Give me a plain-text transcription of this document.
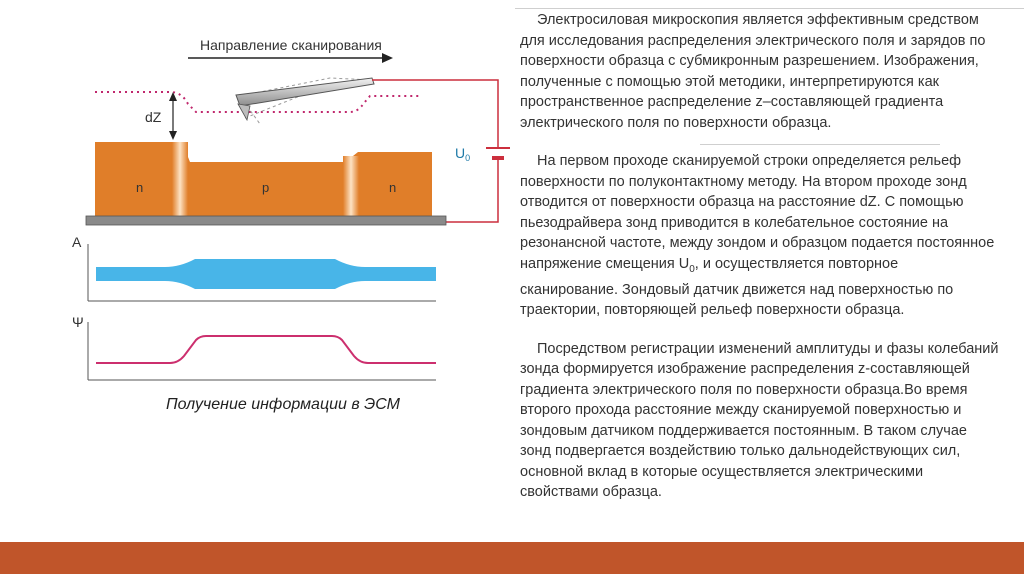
Направление сканирования
dZ
$U_0$
n	p	n
A
Ψ
Получение информации в ЭСМ

Электросиловая микроскопия является эффективным средством для исследования распределения электрического поля и зарядов по поверхности образца с субмикронным разрешением. Изображения, полученные с помощью этой методики, интерпретируются как пространственное распределение z–составляющей градиента электрического поля по поверхности образца.

На первом проходе сканируемой строки определяется рельеф поверхности по полуконтактному методу. На втором проходе зонд отводится от поверхности образца на расстояние dZ. С помощью пьезодрайвера зонд приводится в колебательное состояние на резонансной частоте, между зондом и образцом подается постоянное напряжение смещения $U_0$, и осуществляется повторное сканирование. Зондовый датчик движется над поверхностью по траектории, повторяющей рельеф поверхности образца.

Посредством регистрации изменений амплитуды и фазы колебаний зонда формируется изображение распределения z-составляющей градиента электрического поля по поверхности образца.Во время второго прохода расстояние между сканируемой поверхностью и зондовым датчиком поддерживается постоянным. В таком случае зонд подвергается воздействию только дальнодействующих сил, основной вклад в которые осуществляется электрическими свойствами образца.
